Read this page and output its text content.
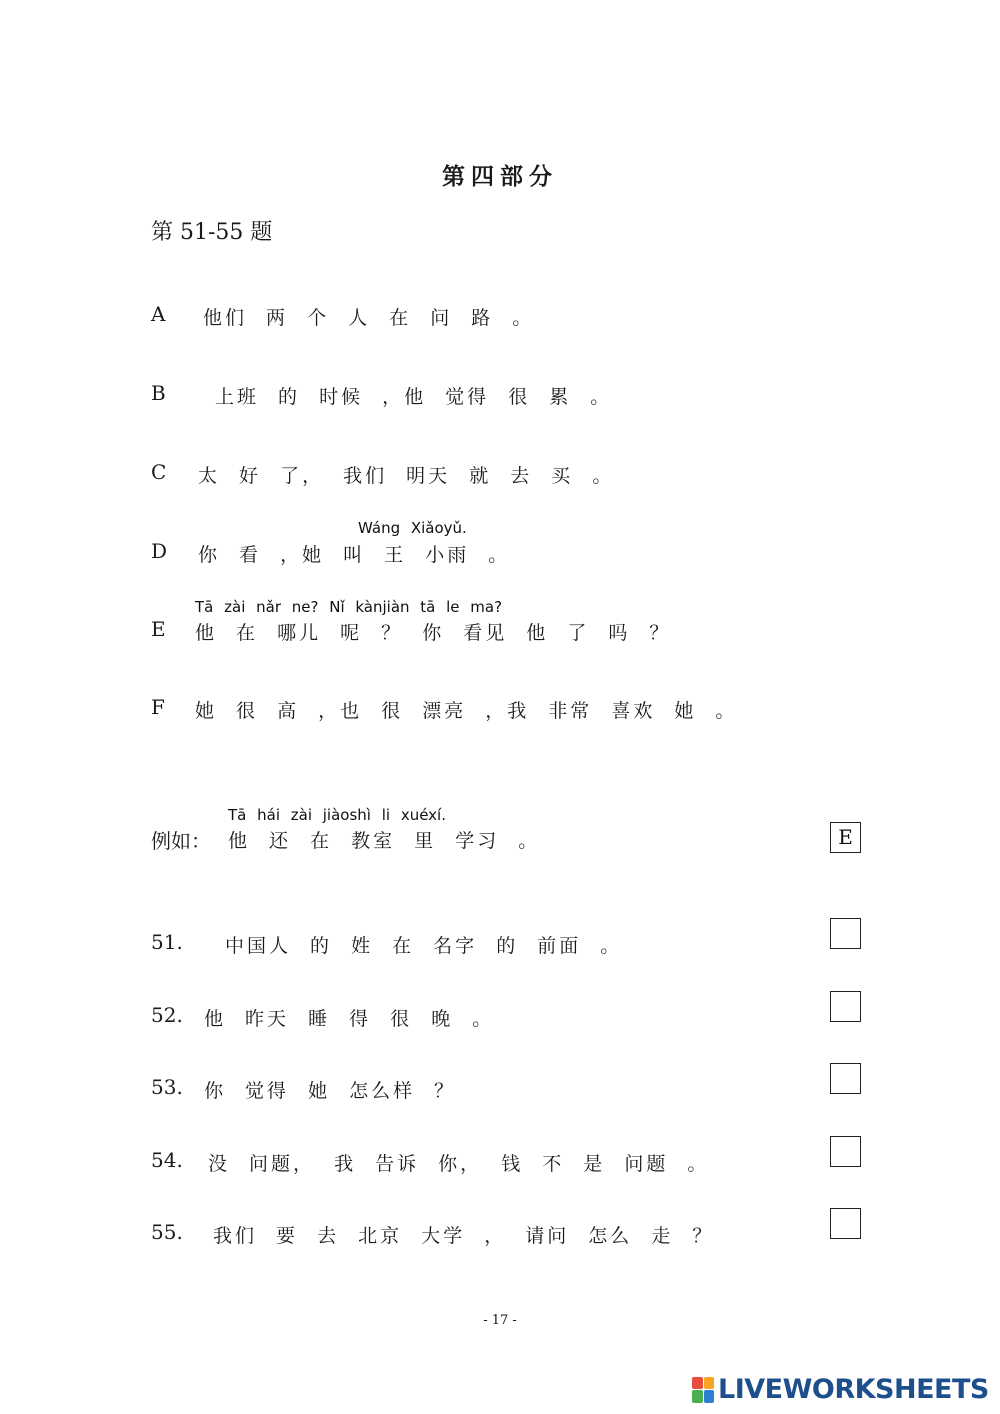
第四部分
第 51-55 题
A	他们 两 个 人 在 问 路 。
B	上班 的 时候 ，他 觉得 很 累 。
C	太 好 了， 我们 明天 就 去 买 。
Wáng Xiǎoyǔ.
D	你 看 ，她 叫 王 小雨 。
Tā zài nǎr ne? Nǐ kànjiàn tā le ma?
E	他 在 哪儿 呢 ？ 你 看见 他 了 吗 ？
F	她 很 高 ，也 很 漂亮 ，我 非常 喜欢 她 。
Tā hái zài jiàoshì li xuéxí.
例如： 他 还 在 教室 里 学习 。	E
51. 中国人 的 姓 在 名字 的 前面 。
52. 他 昨天 睡 得 很 晚 。
53. 你 觉得 她 怎么样 ？
54. 没 问题， 我 告诉 你， 钱 不 是 问题 。
55. 我们 要 去 北京 大学 ， 请问 怎么 走 ？
- 17 -
LIVEWORKSHEETS
